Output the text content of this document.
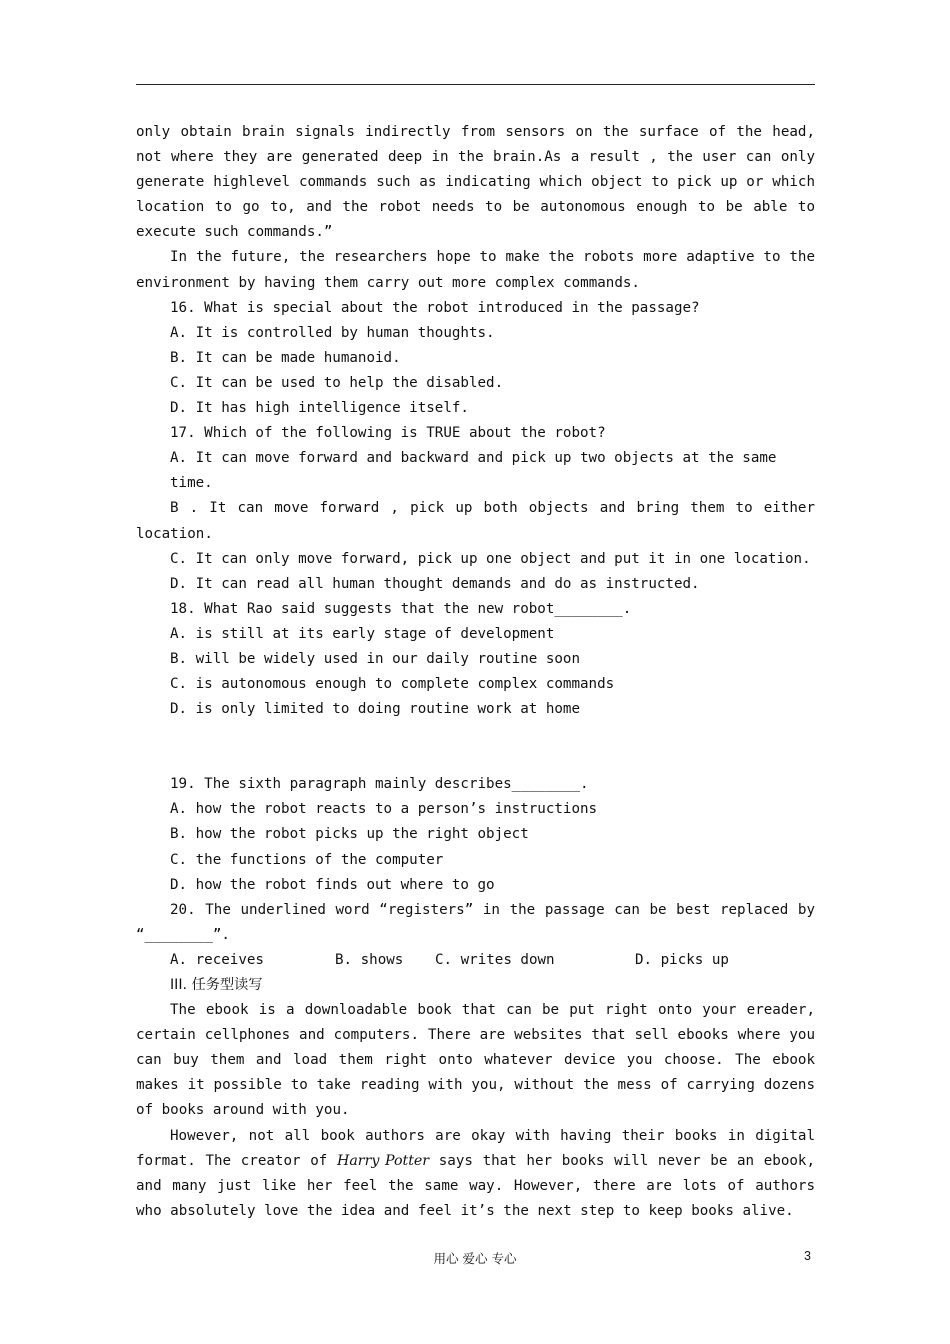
only obtain brain signals indirectly from sensors on the surface of the head, not where they are generated deep in the brain.As a result , the user can only generate highlevel commands such as indicating which object to pick up or which location to go to, and the robot needs to be autonomous enough to be able to execute such commands.”

In the future, the researchers hope to make the robots more adaptive to the environment by having them carry out more complex commands.

16. What is special about the robot introduced in the passage?

A. It is controlled by human thoughts.

B. It can be made humanoid.

C. It can be used to help the disabled.

D. It has high intelligence itself.

17. Which of the following is TRUE about the robot?

A. It can move forward and backward and pick up two objects at the same time.

B . It can move forward , pick up both objects and bring them to either location.

C. It can only move forward, pick up one object and put it in one location.

D. It can read all human thought demands and do as instructed.

18. What Rao said suggests that the new robot________.

A. is still at its early stage of development

B. will be widely used in our daily routine soon

C. is autonomous enough to complete complex commands

D. is only limited to doing routine work at home

19. The sixth paragraph mainly describes________.

A. how the robot reacts to a person’s instructions

B. how the robot picks up the right object

C. the functions of the computer

D. how the robot finds out where to go

20. The underlined word “registers” in the passage can be best replaced by “________”.

A. receives	B. shows	C. writes down	D. picks up

III. 任务型读写

The ebook is a downloadable book that can be put right onto your ereader, certain cellphones and computers. There are websites that sell ebooks where you can buy them and load them right onto whatever device you choose. The ebook makes it possible to take reading with you, without the mess of carrying dozens of books around with you.

However, not all book authors are okay with having their books in digital format. The creator of Harry Potter says that her books will never be an ebook, and many just like her feel the same way. However, there are lots of authors who absolutely love the idea and feel it’s the next step to keep books alive.

用心 爱心 专心	3
